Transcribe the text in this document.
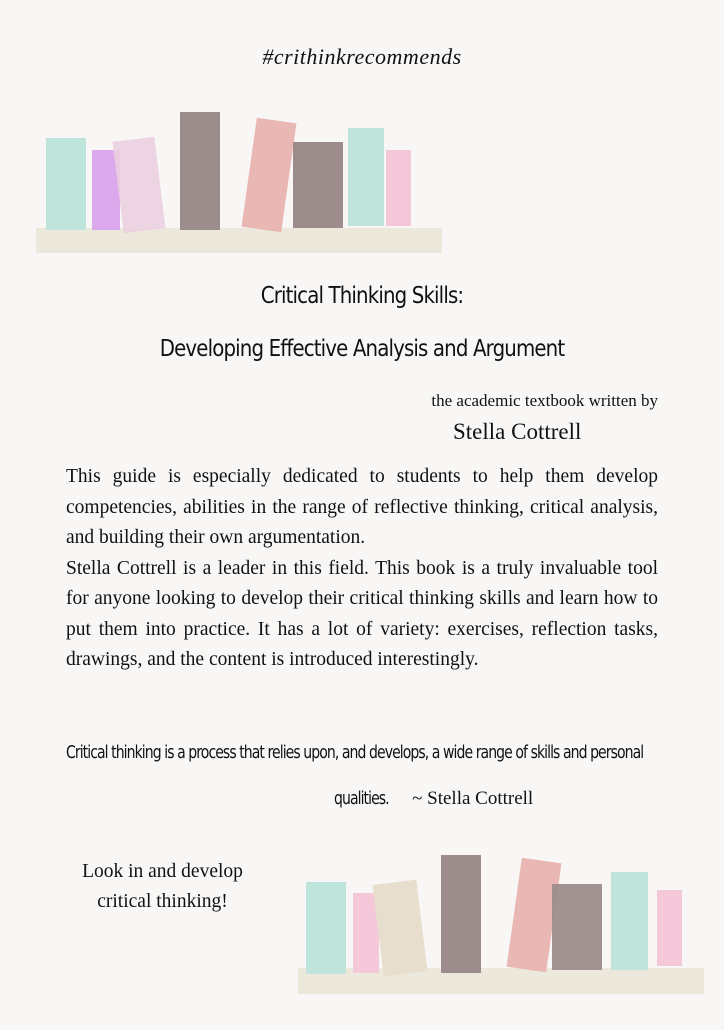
#crithinkrecommends
Critical Thinking Skills:
Developing Effective Analysis and Argument
the academic textbook written by
Stella Cottrell

This guide is especially dedicated to students to help them develop competencies, abilities in the range of reflective thinking, critical analysis, and building their own argumentation.

Stella Cottrell is a leader in this field. This book is a truly invaluable tool for anyone looking to develop their critical thinking skills and learn how to put them into practice. It has a lot of variety: exercises, reflection tasks, drawings, and the content is introduced interestingly.

Critical thinking is a process that relies upon, and develops, a wide range of skills and personal
qualities. ~ Stella Cottrell
Look in and develop
critical thinking!
